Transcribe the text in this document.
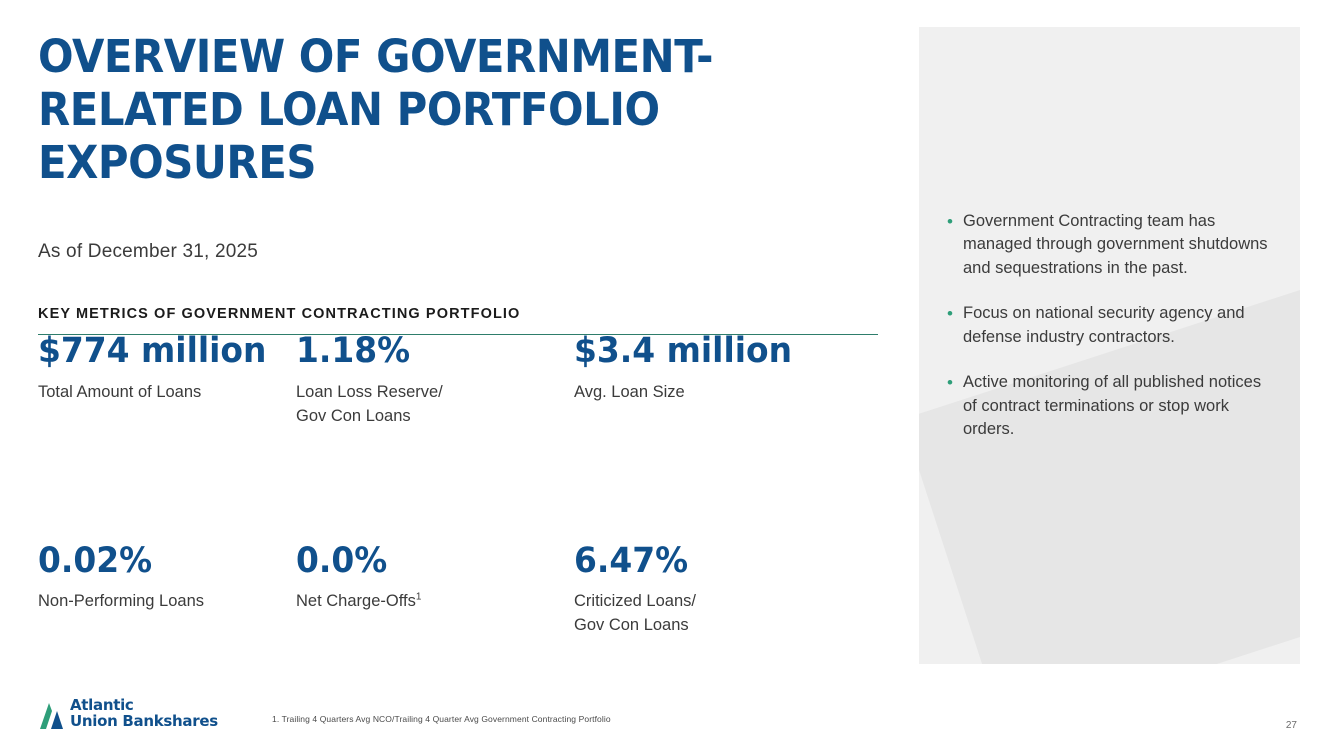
OVERVIEW OF GOVERNMENT-RELATED LOAN PORTFOLIO EXPOSURES
As of December 31, 2025
KEY METRICS OF GOVERNMENT CONTRACTING PORTFOLIO
$774 million
Total Amount of Loans
1.18%
Loan Loss Reserve/
Gov Con Loans
$3.4 million
Avg. Loan Size
0.02%
Non-Performing Loans
0.0%
Net Charge-Offs$^1$
6.47%
Criticized Loans/
Gov Con Loans
• Government Contracting team has managed through government shutdowns and sequestrations in the past.
• Focus on national security agency and defense industry contractors.
• Active monitoring of all published notices of contract terminations or stop work orders.
Atlantic
Union Bankshares	1. Trailing 4 Quarters Avg NCO/Trailing 4 Quarter Avg Government Contracting Portfolio
27
